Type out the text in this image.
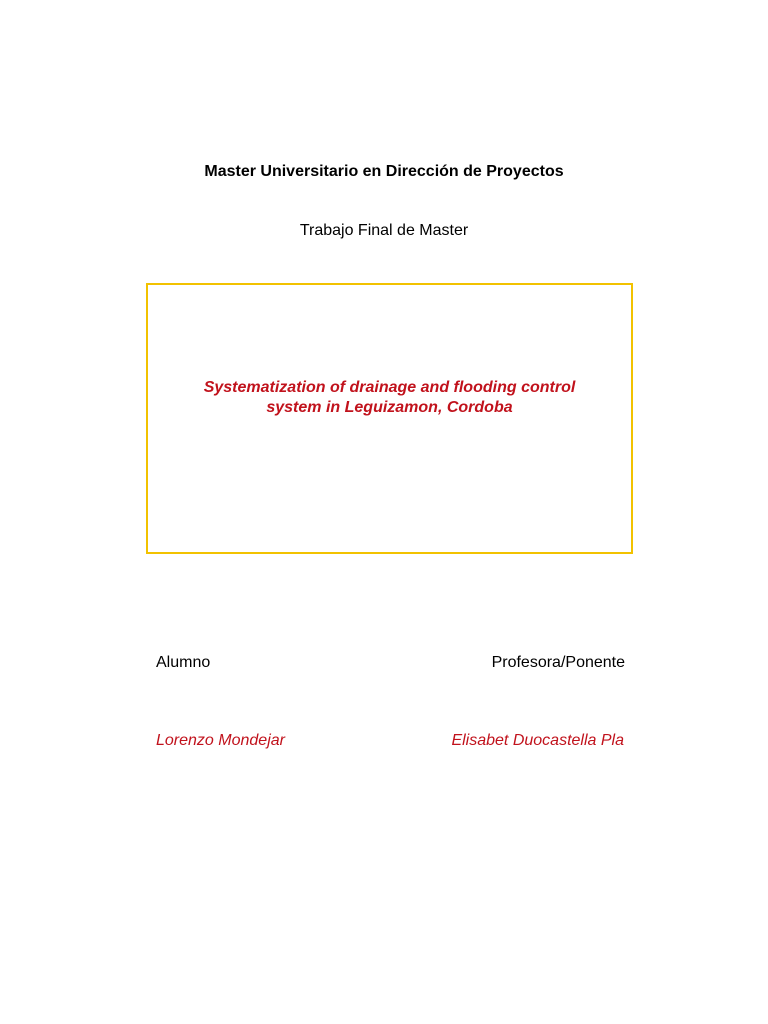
Master Universitario en Dirección de Proyectos
Trabajo Final de Master
Systematization of drainage and flooding control
system in Leguizamon, Cordoba
Alumno	Profesora/Ponente
Lorenzo Mondejar	Elisabet Duocastella Pla
